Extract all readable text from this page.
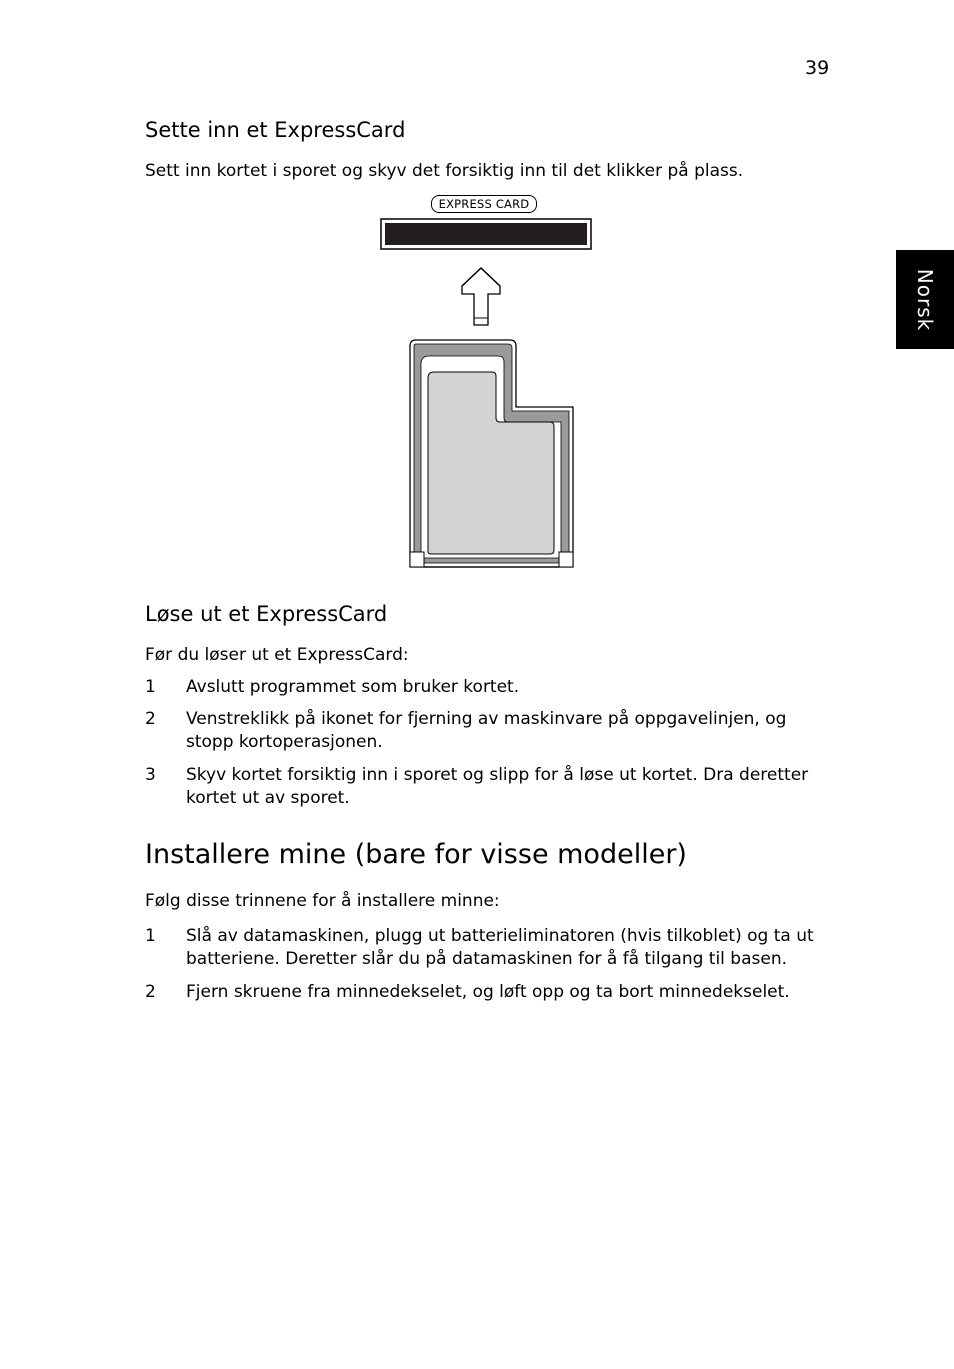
39
Norsk
Sette inn et ExpressCard

Sett inn kortet i sporet og skyv det forsiktig inn til det klikker på plass.

EXPRESS CARD
Løse ut et ExpressCard

Før du løser ut et ExpressCard:

1 Avslutt programmet som bruker kortet.
2 Venstreklikk på ikonet for fjerning av maskinvare på oppgavelinjen, og stopp kortoperasjonen.
3 Skyv kortet forsiktig inn i sporet og slipp for å løse ut kortet. Dra deretter kortet ut av sporet.
Installere mine (bare for visse modeller)

Følg disse trinnene for å installere minne:

1 Slå av datamaskinen, plugg ut batterieliminatoren (hvis tilkoblet) og ta ut batteriene. Deretter slår du på datamaskinen for å få tilgang til basen.
2 Fjern skruene fra minnedekselet, og løft opp og ta bort minnedekselet.
